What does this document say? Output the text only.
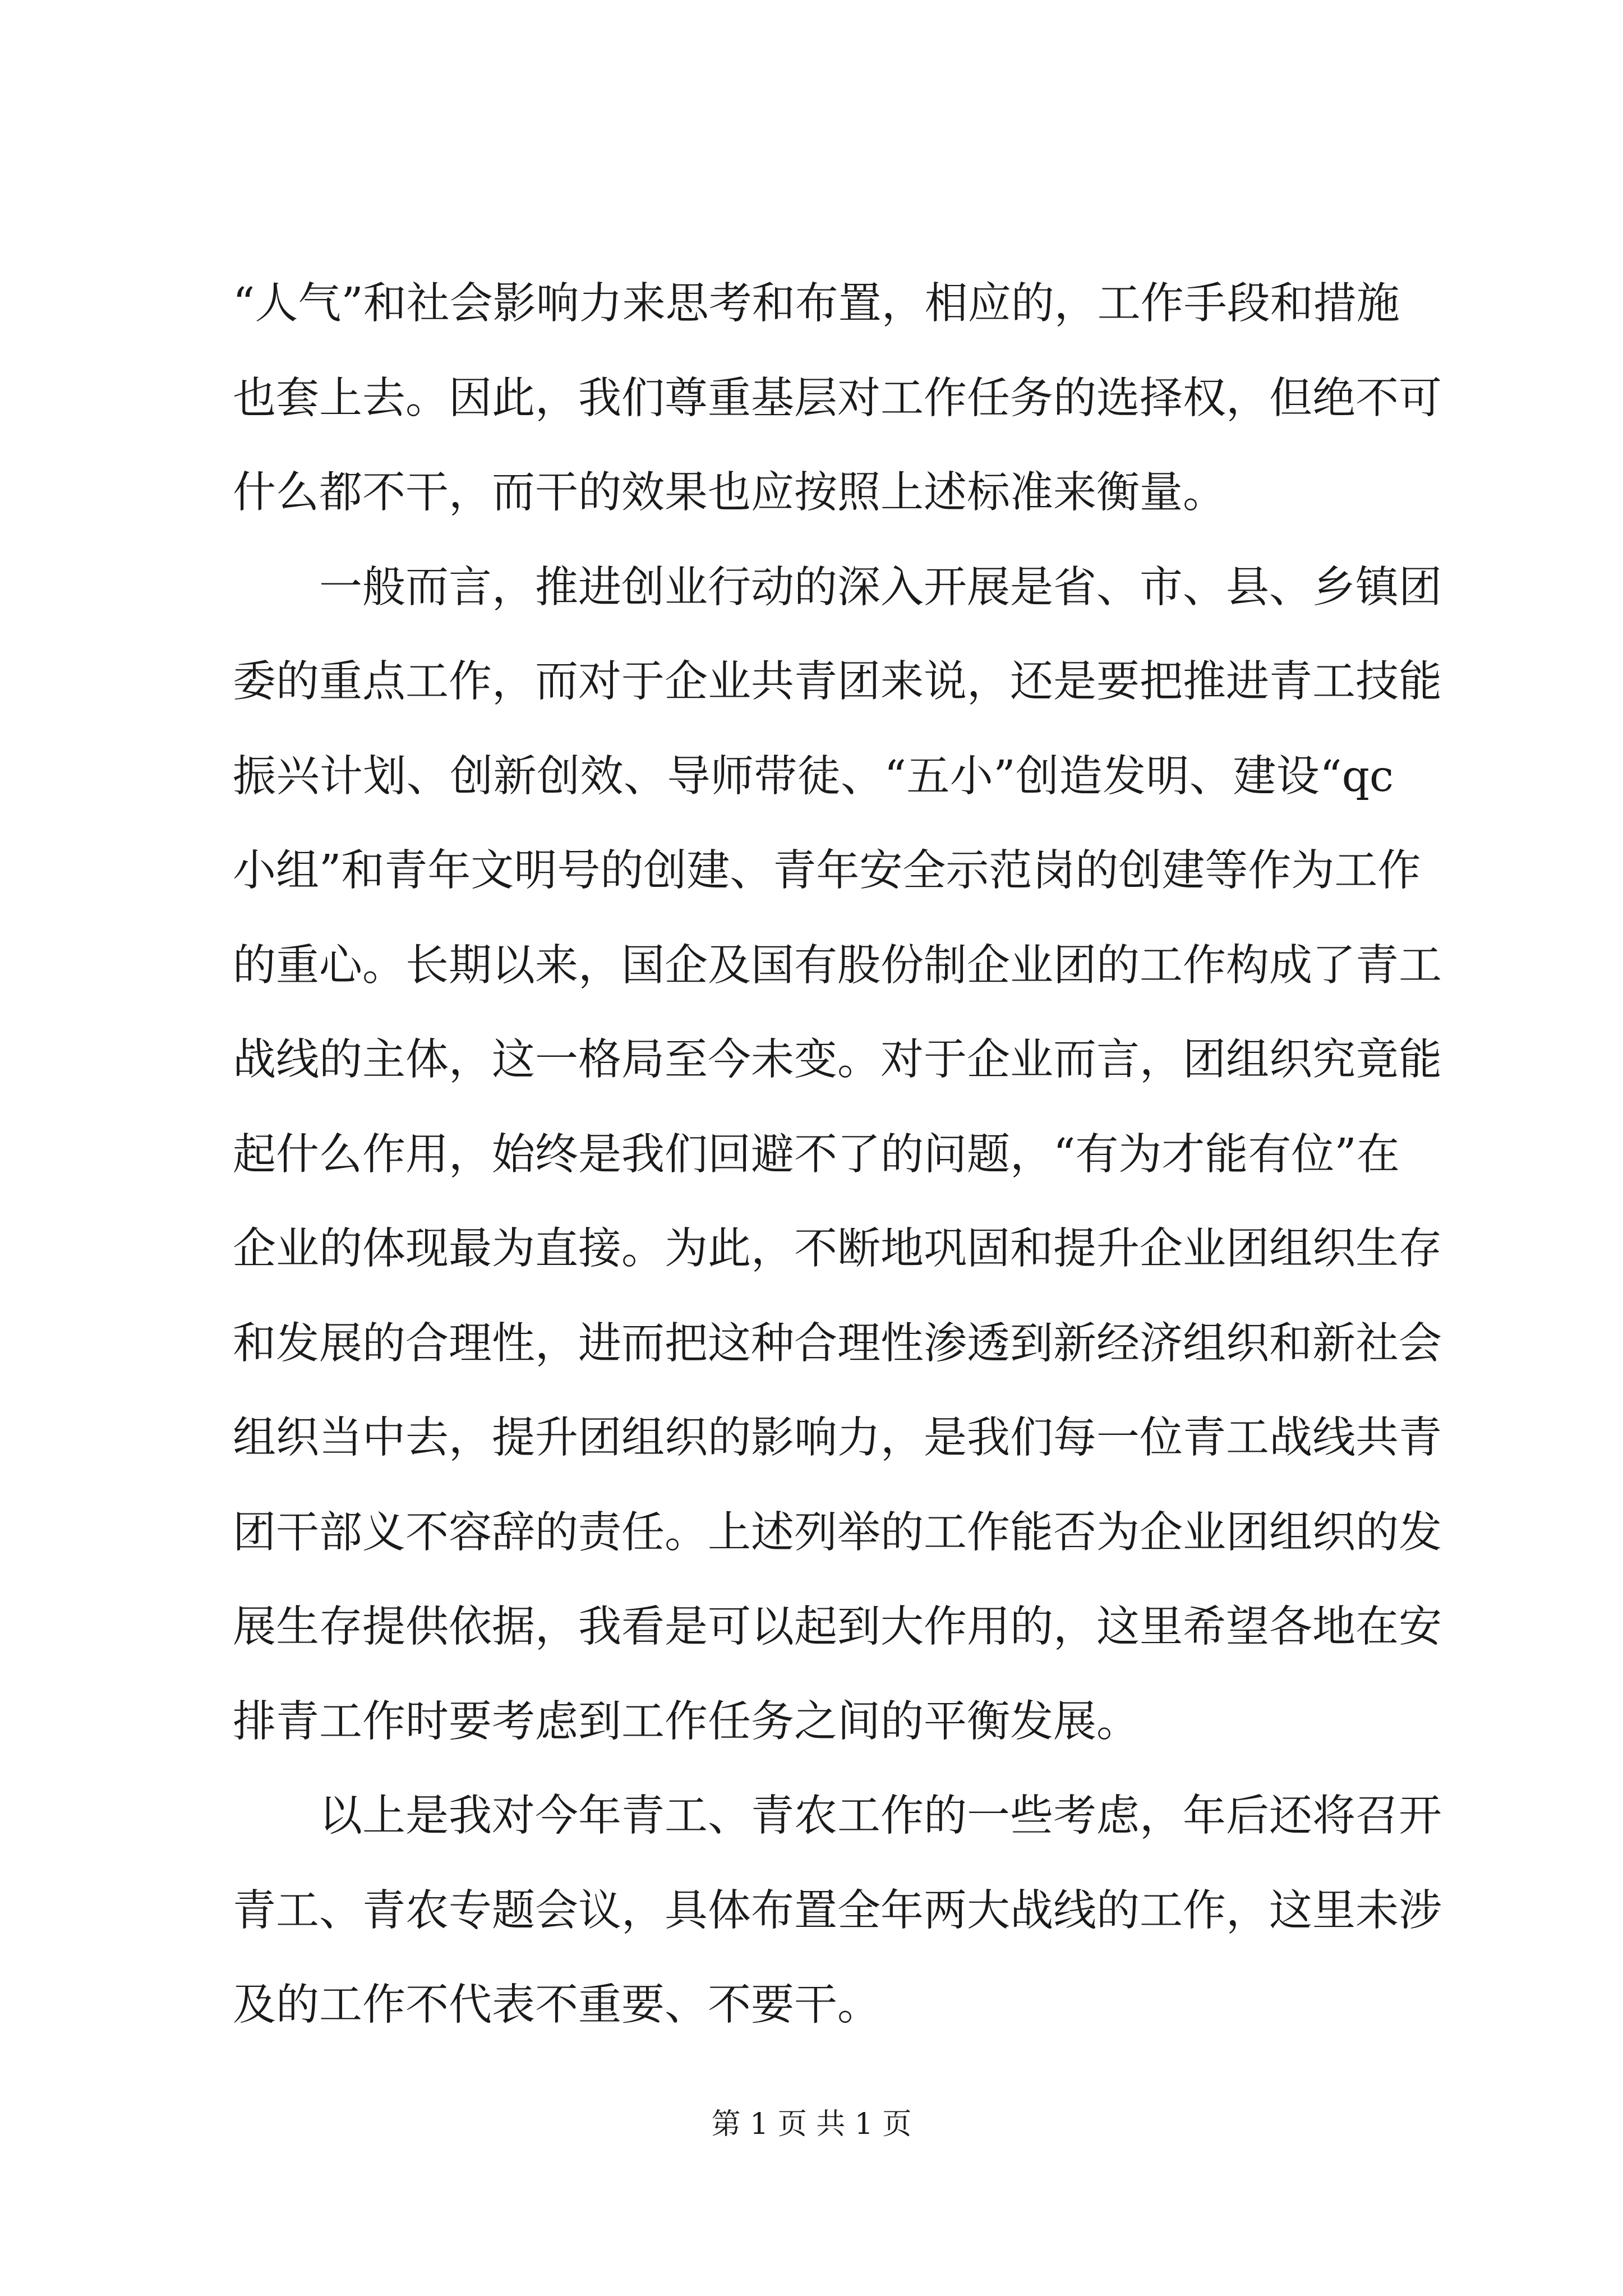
“人气”和社会影响力来思考和布置，相应的，工作手段和措施
也套上去。因此，我们尊重基层对工作任务的选择权，但绝不可
什么都不干，而干的效果也应按照上述标准来衡量。
一般而言，推进创业行动的深入开展是省、市、县、乡镇团
委的重点工作，而对于企业共青团来说，还是要把推进青工技能
振兴计划、创新创效、导师带徒、“五小”创造发明、建设“qc
小组”和青年文明号的创建、青年安全示范岗的创建等作为工作
的重心。长期以来，国企及国有股份制企业团的工作构成了青工
战线的主体，这一格局至今未变。对于企业而言，团组织究竟能
起什么作用，始终是我们回避不了的问题，“有为才能有位”在
企业的体现最为直接。为此，不断地巩固和提升企业团组织生存
和发展的合理性，进而把这种合理性渗透到新经济组织和新社会
组织当中去，提升团组织的影响力，是我们每一位青工战线共青
团干部义不容辞的责任。上述列举的工作能否为企业团组织的发
展生存提供依据，我看是可以起到大作用的，这里希望各地在安
排青工作时要考虑到工作任务之间的平衡发展。
以上是我对今年青工、青农工作的一些考虑，年后还将召开
青工、青农专题会议，具体布置全年两大战线的工作，这里未涉
及的工作不代表不重要、不要干。
第 1 页 共 1 页
